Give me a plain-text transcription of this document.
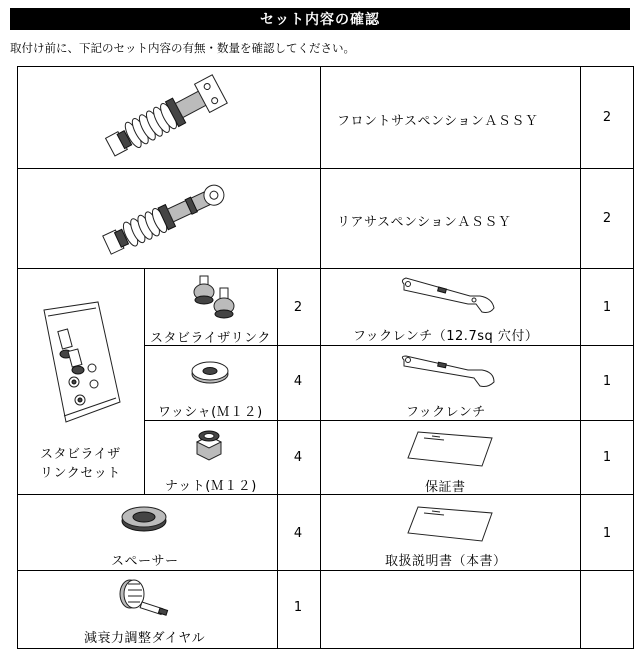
セット内容の確認
取付け前に、下記のセット内容の有無・数量を確認してください。
フロントサスペンションＡＳＳＹ	2
リアサスペンションＡＳＳＹ	2
スタビライザ
リンクセット
スタビライザリンク
2
ワッシャ(Ｍ１２)
4
ナット(Ｍ１２)
4
スペーサー
4
減衰力調整ダイヤル
1
フックレンチ（12.7sq 穴付）
1
フックレンチ
1
保証書
1
取扱説明書（本書）
1
